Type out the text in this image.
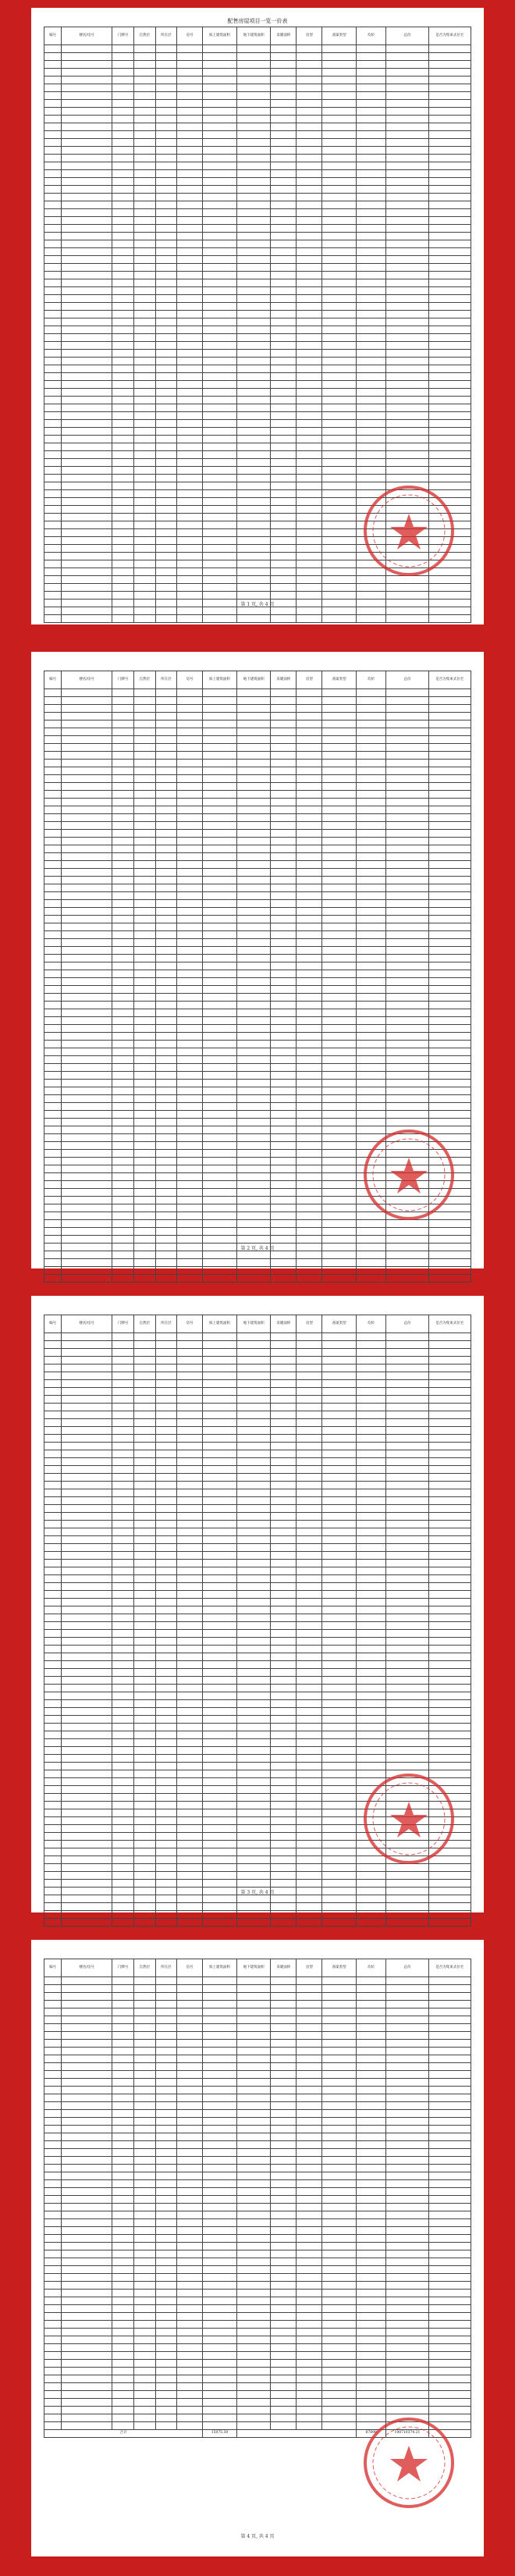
配售房屋项目一览一价表
编号	楼名/房号	门牌号	自然层	所在层	房号	拟上建筑面积	地下建筑面积	采暖面积	房型	备案类型	均价	总价	是否为集束式住宅

第 1 页, 共 4 页
编号	楼名/房号	门牌号	自然层	所在层	房号	拟上建筑面积	地下建筑面积	采暖面积	房型	备案类型	均价	总价	是否为集束式住宅

第 2 页, 共 4 页
编号	楼名/房号	门牌号	自然层	所在层	房号	拟上建筑面积	地下建筑面积	采暖面积	房型	备案类型	均价	总价	是否为集束式住宅

第 3 页, 共 4 页
编号	楼名/房号	门牌号	自然层	所在层	房号	拟上建筑面积	地下建筑面积	采暖面积	房型	备案类型	均价	总价	是否为集束式住宅

合计						15075.30					87898	198710374.21	
第 4 页, 共 4 页
